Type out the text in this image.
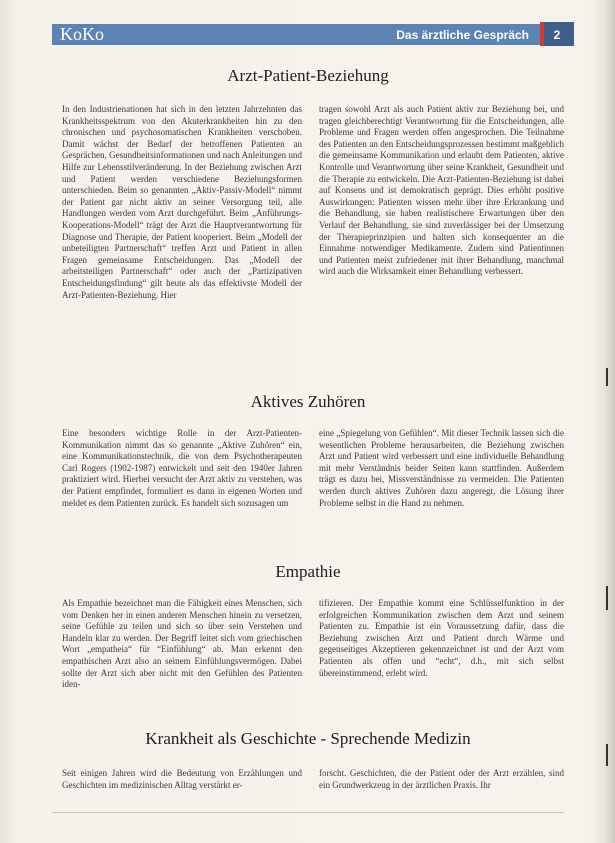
KoKo	Das ärztliche Gespräch	2
Arzt-Patient-Beziehung
In den Industrienationen hat sich in den letzten Jahrzehnten das Krankheitsspektrum von den Akuterkrankheiten hin zu den chronischen und psychosomatischen Krankheiten verschoben. Damit wächst der Bedarf der betroffenen Patienten an Gesprächen, Gesundheitsinformationen und nach Anleitungen und Hilfe zur Lebensstilveränderung. In der Beziehung zwischen Arzt und Patient werden verschiedene Beziehungsformen unterschieden. Beim so genannten „Aktiv-Passiv-Modell“ nimmt der Patient gar nicht aktiv an seiner Versorgung teil, alle Handlungen werden vom Arzt durchgeführt. Beim „Anführungs-Kooperations-Modell“ trägt der Arzt die Hauptverantwortung für Diagnose und Therapie, der Patient kooperiert. Beim „Modell der unbeteiligten Partnerschaft“ treffen Arzt und Patient in allen Fragen gemeinsame Entscheidungen. Das „Modell der arbeitsteiligen Partnerschaft“ oder auch der „Partizipativen Entscheidungsfindung“ gilt heute als das effektivste Modell der Arzt-Patienten-Beziehung. Hier
tragen sowohl Arzt als auch Patient aktiv zur Beziehung bei, und tragen gleichberechtigt Verantwortung für die Entscheidungen, alle Probleme und Fragen werden offen angesprochen. Die Teilnahme des Patienten an den Entscheidungsprozessen bestimmt maßgeblich die gemeinsame Kommunikation und erlaubt dem Patienten, aktive Kontrolle und Verantwortung über seine Krankheit, Gesundheit und die Therapie zu entwickeln. Die Arzt-Patienten-Beziehung ist dabei auf Konsens und ist demokratisch geprägt. Dies erhöht positive Auswirkungen: Patienten wissen mehr über ihre Erkrankung und die Behandlung, sie haben realistischere Erwartungen über den Verlauf der Behandlung, sie sind zuverlässiger bei der Umsetzung der Therapieprinzipien und halten sich konsequenter an die Einnahme notwendiger Medikamente. Zudem sind Patientinnen und Patienten meist zufriedener mit ihrer Behandlung, manchmal wird auch die Wirksamkeit einer Behandlung verbessert.
Aktives Zuhören
Eine besonders wichtige Rolle in der Arzt-Patienten-Kommunikation nimmt das so genannte „Aktive Zuhören“ ein, eine Kommunikationstechnik, die von dem Psychotherapeuten Carl Rogers (1902-1987) entwickelt und seit den 1940er Jahren praktiziert wird. Hierbei versucht der Arzt aktiv zu verstehen, was der Patient empfindet, formuliert es dann in eigenen Worten und meldet es dem Patienten zurück. Es handelt sich sozusagen um
eine „Spiegelung von Gefühlen“. Mit dieser Technik lassen sich die wesentlichen Probleme herausarbeiten, die Beziehung zwischen Arzt und Patient wird verbessert und eine individuelle Behandlung mit mehr Verständnis beider Seiten kann stattfinden. Außerdem trägt es dazu bei, Missverständnisse zu vermeiden. Die Patienten werden durch aktives Zuhören dazu angeregt, die Lösung ihrer Probleme selbst in die Hand zu nehmen.
Empathie
Als Empathie bezeichnet man die Fähigkeit eines Menschen, sich vom Denken her in einen anderen Menschen hinein zu versetzen, seine Gefühle zu teilen und sich so über sein Verstehen und Handeln klar zu werden. Der Begriff leitet sich vom griechischen Wort „empatheia“ für “Einfühlung“ ab. Man erkennt den empathischen Arzt also an seinem Einfühlungsvermögen. Dabei sollte der Arzt sich aber nicht mit den Gefühlen des Patienten iden-
tifizieren. Der Empathie kommt eine Schlüsselfunktion in der erfolgreichen Kommunikation zwischen dem Arzt und seinem Patienten zu. Empathie ist ein Voraussetzung dafür, dass die Beziehung zwischen Arzt und Patient durch Wärme und gegenseitiges Akzeptieren gekennzeichnet ist und der Arzt vom Patienten als offen und “echt“, d.h., mit sich selbst übereinstimmend, erlebt wird.
Krankheit als Geschichte - Sprechende Medizin
Seit einigen Jahren wird die Bedeutung von Erzählungen und Geschichten im medizinischen Alltag verstärkt er-
forscht. Geschichten, die der Patient oder der Arzt erzählen, sind ein Grundwerkzeug in der ärztlichen Praxis. Ihr
